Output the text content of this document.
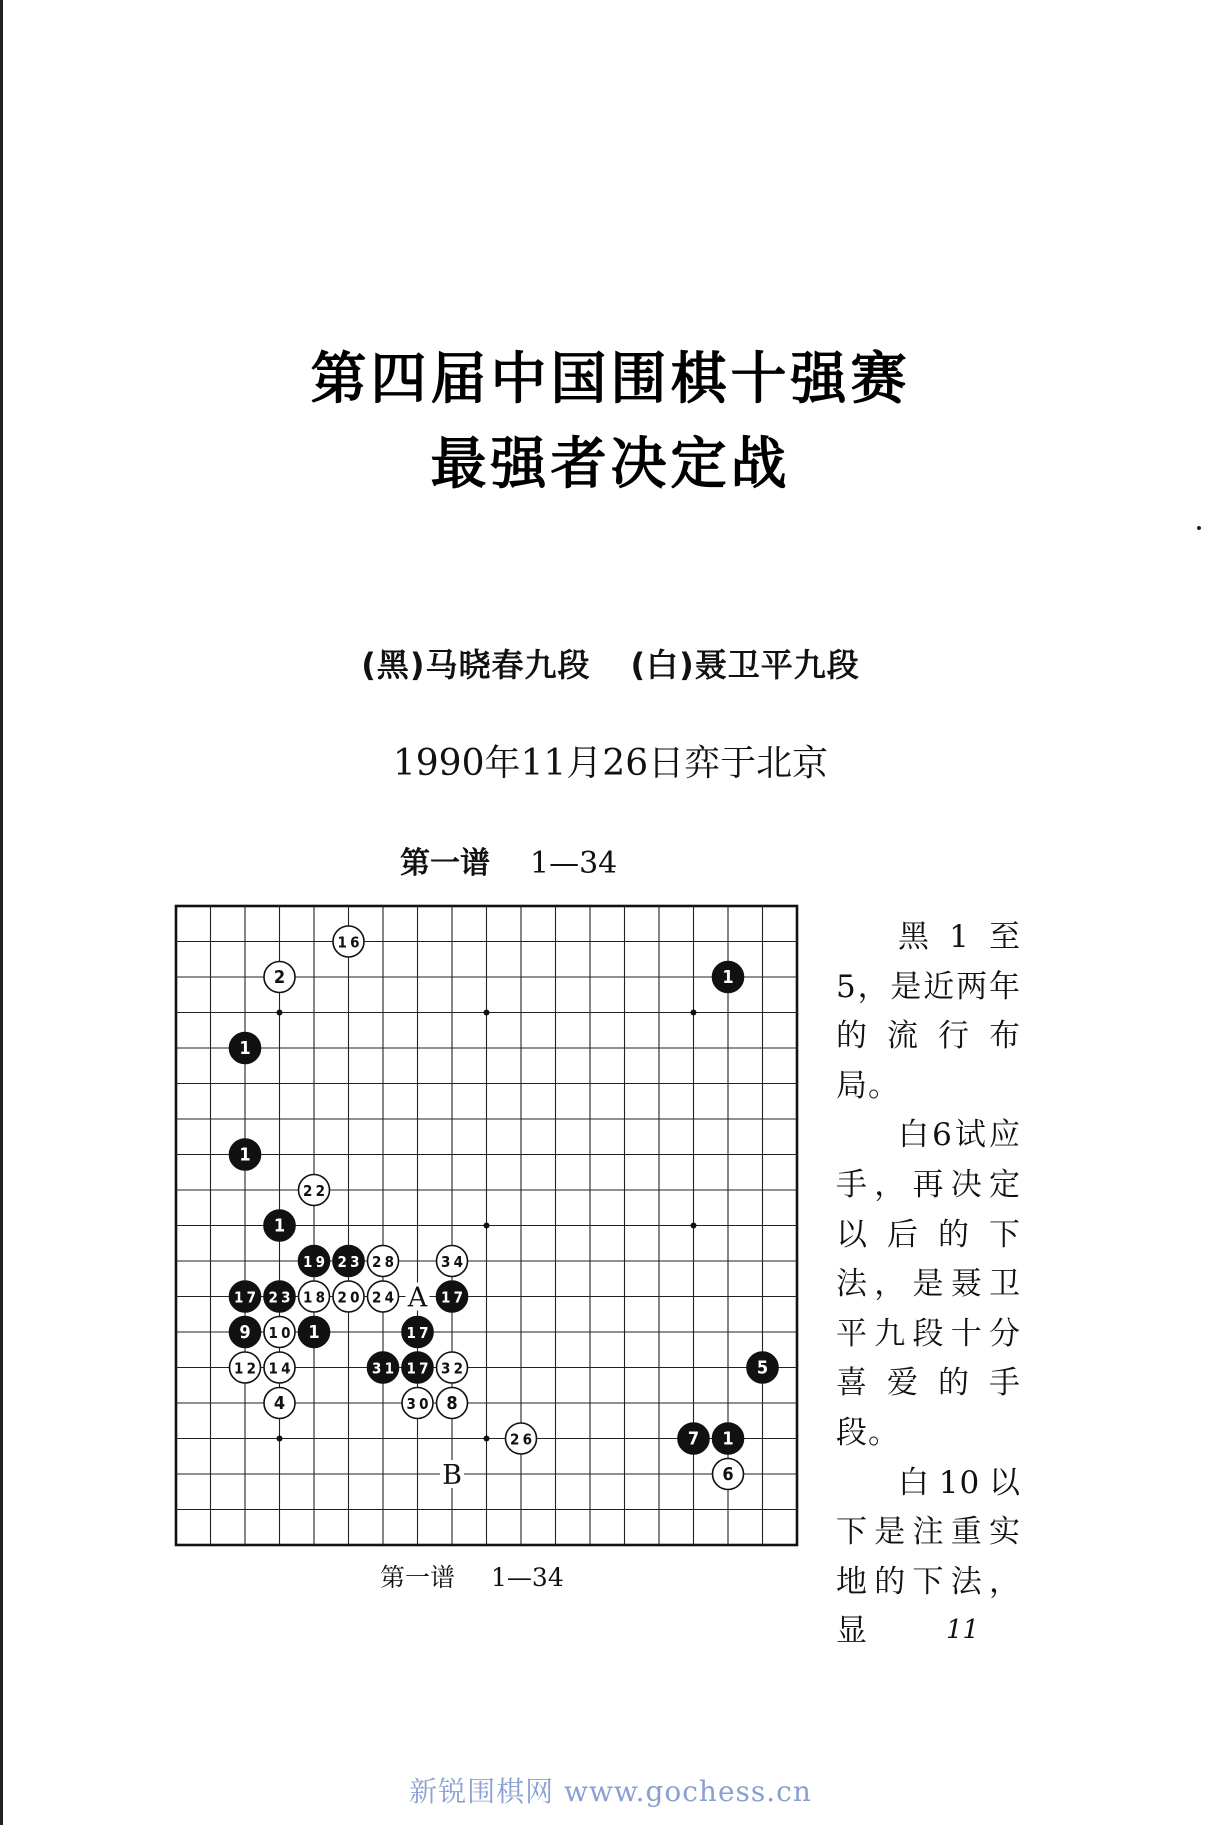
第四届中国围棋十强赛
最强者决定战
(黑)马晓春九段 (白)聂卫平九段
1990年11月26日弈于北京
第一谱 1—34
16
2	1
1
1
22
1
19 23 28	34
17 23 18 20 24	17
9 10 1	17
12 14	31 17 32	5
4	30 8
26	7 1
6
A
B
第一谱 1—34

黑1至5，是近两年的流行布局。

白6试应手，再决定以后的下法，是聂卫平九段十分喜爱的手段。

白10以下是注重实地的下法，显	11
新锐围棋网 www.gochess.cn
